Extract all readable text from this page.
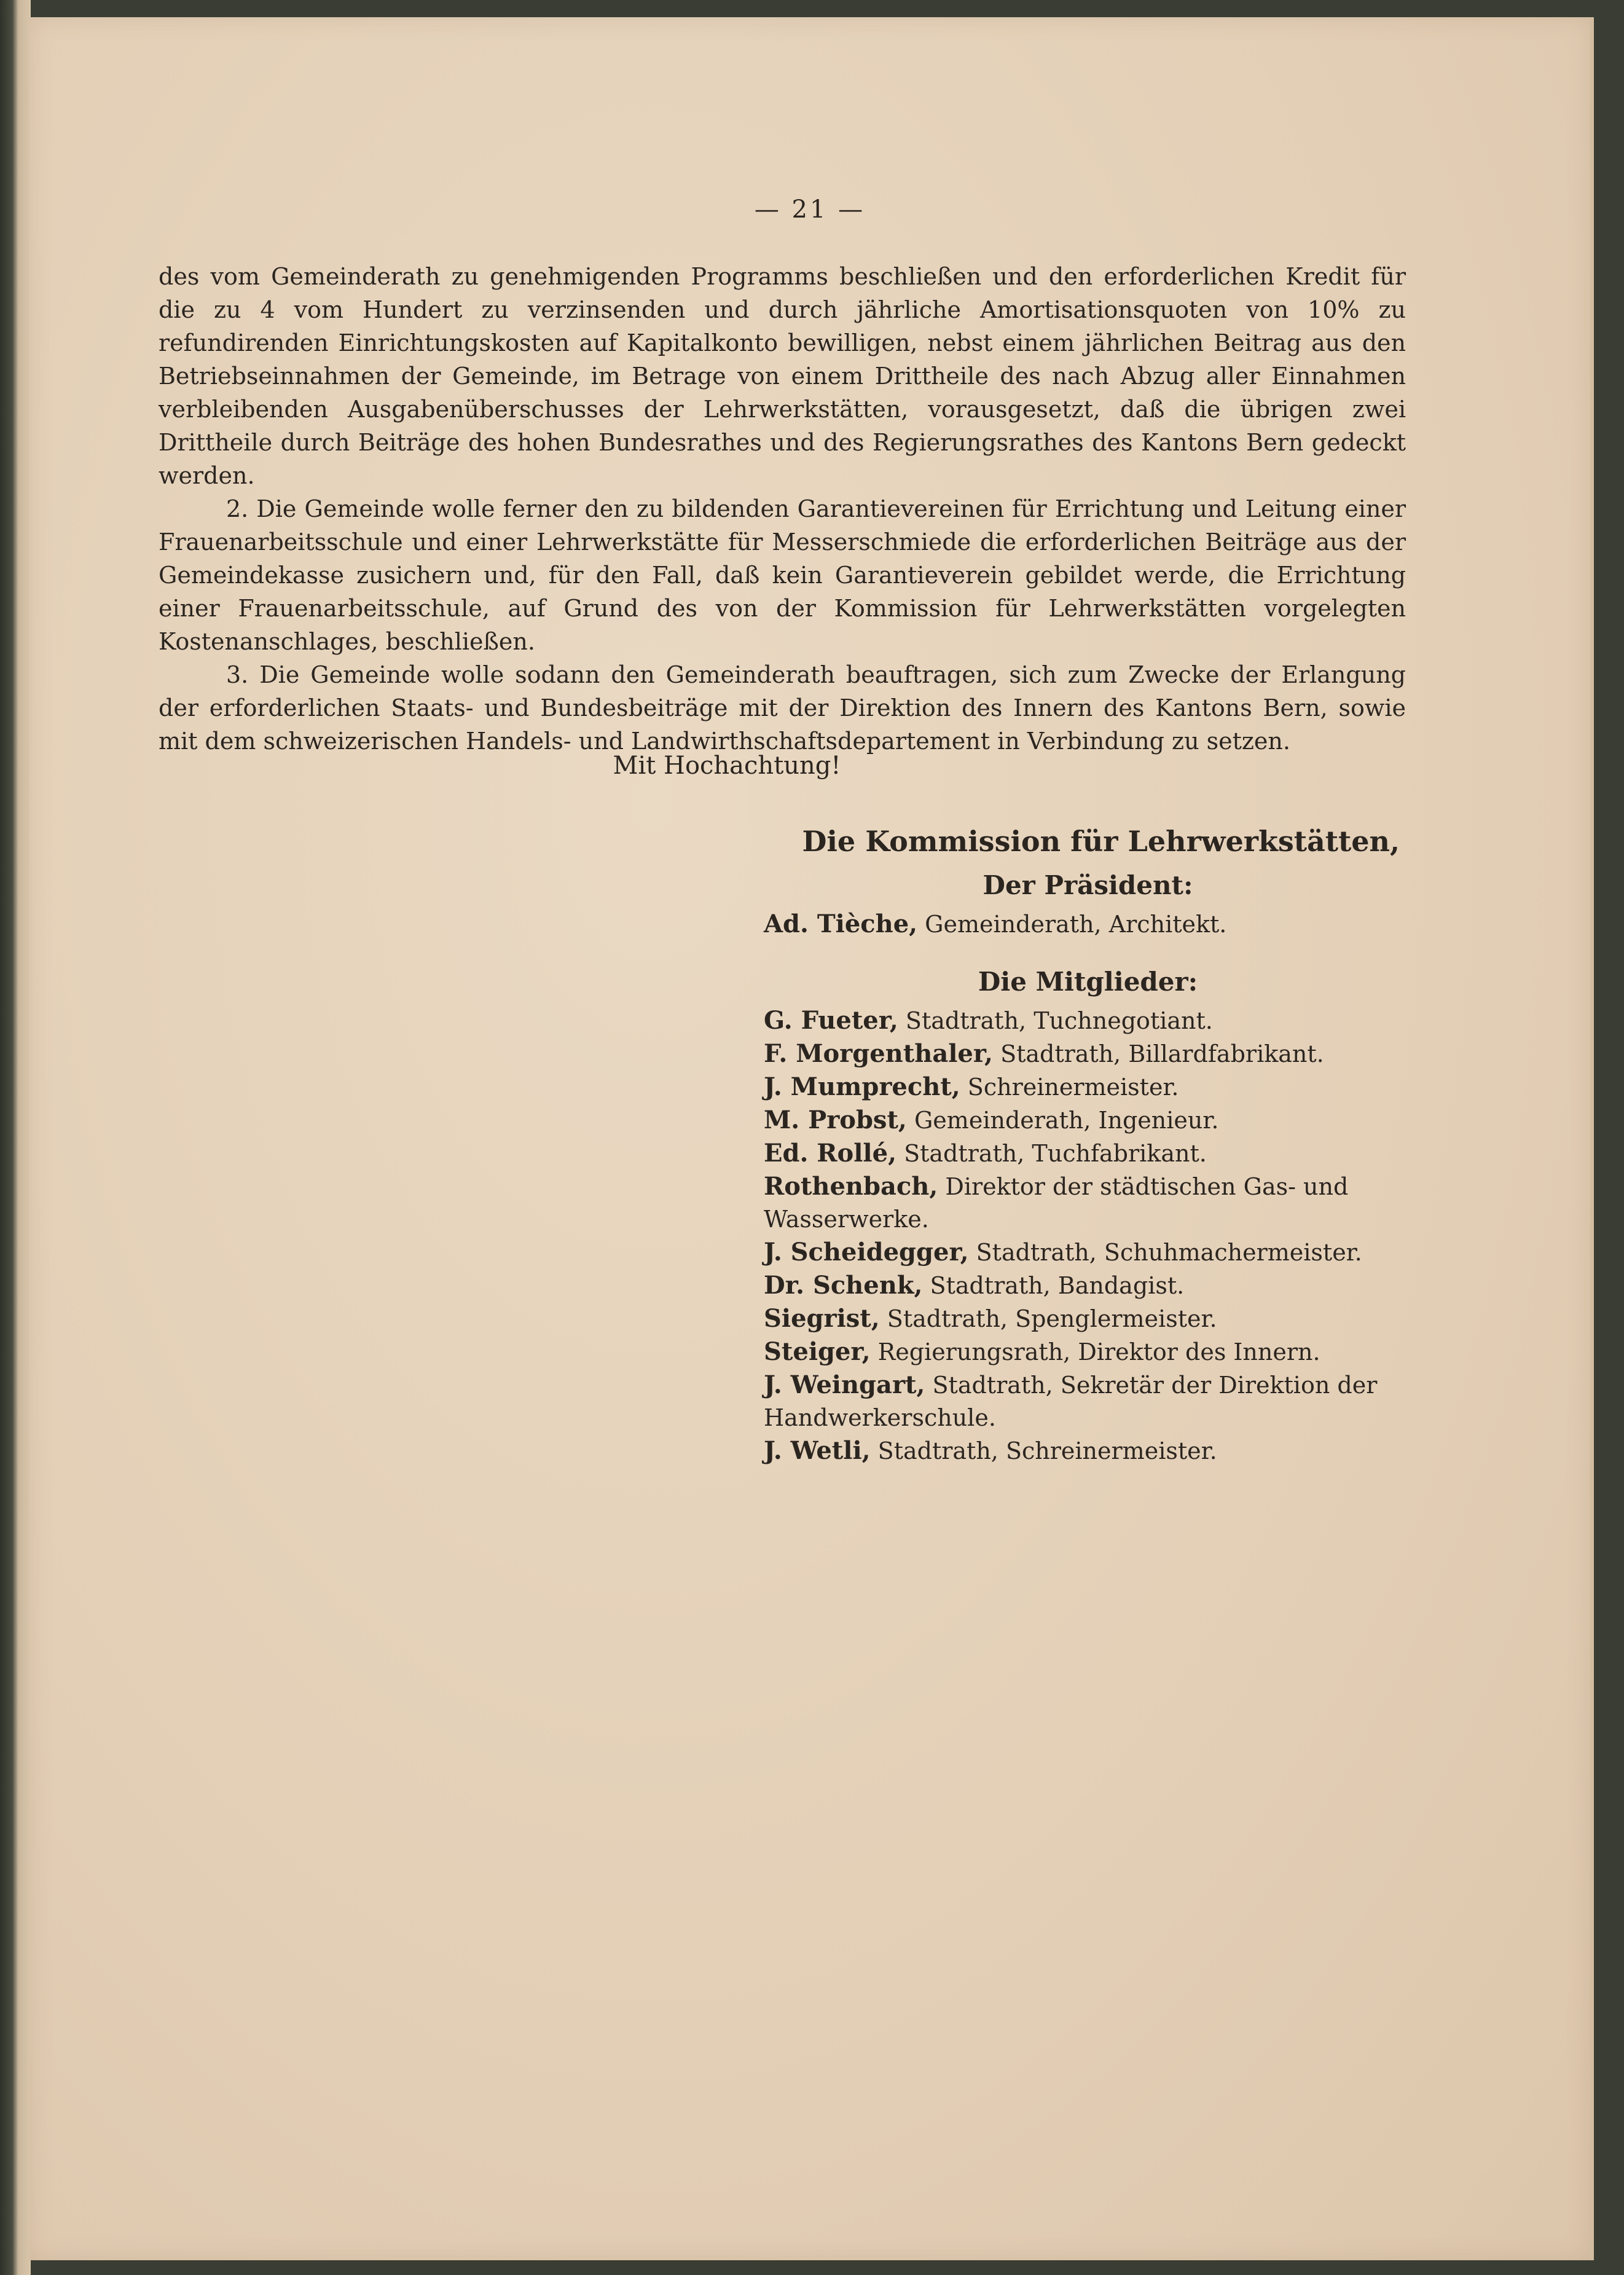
— 21 —

des vom Gemeinderath zu genehmigenden Programms beschließen und den erforderlichen Kredit für die zu 4 vom Hundert zu verzinsenden und durch jährliche Amortisationsquoten von 10% zu refundirenden Einrichtungskosten auf Kapitalkonto bewilligen, nebst einem jährlichen Beitrag aus den Betriebseinnahmen der Gemeinde, im Betrage von einem Drittheile des nach Abzug aller Einnahmen verbleibenden Ausgabenüberschusses der Lehrwerkstätten, vorausgesetzt, daß die übrigen zwei Drittheile durch Beiträge des hohen Bundesrathes und des Regierungsrathes des Kantons Bern gedeckt werden.

2. Die Gemeinde wolle ferner den zu bildenden Garantievereinen für Errichtung und Leitung einer Frauenarbeitsschule und einer Lehrwerkstätte für Messerschmiede die erforderlichen Beiträge aus der Gemeindekasse zusichern und, für den Fall, daß kein Garantieverein gebildet werde, die Errichtung einer Frauenarbeitsschule, auf Grund des von der Kommission für Lehrwerkstätten vorgelegten Kostenanschlages, beschließen.

3. Die Gemeinde wolle sodann den Gemeinderath beauftragen, sich zum Zwecke der Erlangung der erforderlichen Staats- und Bundesbeiträge mit der Direktion des Innern des Kantons Bern, sowie mit dem schweizerischen Handels- und Landwirthschaftsdepartement in Verbindung zu setzen.

Mit Hochachtung!
Die Kommission für Lehrwerkstätten,
Der Präsident:
Ad. Tièche, Gemeinderath, Architekt.
Die Mitglieder:
G. Fueter, Stadtrath, Tuchnegotiant.
F. Morgenthaler, Stadtrath, Billardfabrikant.
J. Mumprecht, Schreinermeister.
M. Probst, Gemeinderath, Ingenieur.
Ed. Rollé, Stadtrath, Tuchfabrikant.
Rothenbach, Direktor der städtischen Gas- und Wasserwerke.
J. Scheidegger, Stadtrath, Schuhmachermeister.
Dr. Schenk, Stadtrath, Bandagist.
Siegrist, Stadtrath, Spenglermeister.
Steiger, Regierungsrath, Direktor des Innern.
J. Weingart, Stadtrath, Sekretär der Direktion der Handwerkerschule.
J. Wetli, Stadtrath, Schreinermeister.
